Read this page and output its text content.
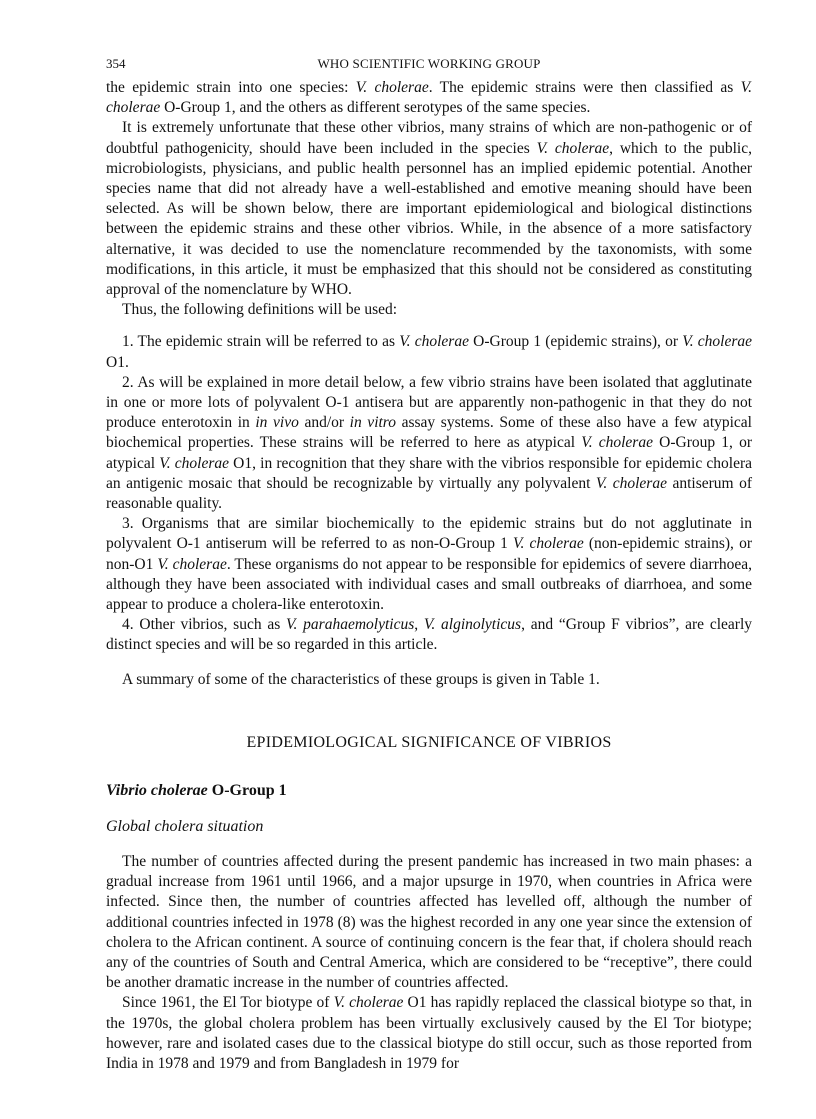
354	WHO SCIENTIFIC WORKING GROUP

the epidemic strain into one species: V. cholerae. The epidemic strains were then classified as V. cholerae O-Group 1, and the others as different serotypes of the same species.

It is extremely unfortunate that these other vibrios, many strains of which are non-pathogenic or of doubtful pathogenicity, should have been included in the species V. cholerae, which to the public, microbiologists, physicians, and public health personnel has an implied epidemic potential. Another species name that did not already have a well-established and emotive meaning should have been selected. As will be shown below, there are important epidemiological and biological distinctions between the epidemic strains and these other vibrios. While, in the absence of a more satisfactory alternative, it was decided to use the nomenclature recommended by the taxonomists, with some modifications, in this article, it must be emphasized that this should not be considered as constituting approval of the nomenclature by WHO.

Thus, the following definitions will be used:

1. The epidemic strain will be referred to as V. cholerae O-Group 1 (epidemic strains), or V. cholerae O1.

2. As will be explained in more detail below, a few vibrio strains have been isolated that agglutinate in one or more lots of polyvalent O-1 antisera but are apparently non-pathogenic in that they do not produce enterotoxin in in vivo and/or in vitro assay systems. Some of these also have a few atypical biochemical properties. These strains will be referred to here as atypical V. cholerae O-Group 1, or atypical V. cholerae O1, in recognition that they share with the vibrios responsible for epidemic cholera an antigenic mosaic that should be recognizable by virtually any polyvalent V. cholerae antiserum of reasonable quality.

3. Organisms that are similar biochemically to the epidemic strains but do not agglutinate in polyvalent O-1 antiserum will be referred to as non-O-Group 1 V. cholerae (non-epidemic strains), or non-O1 V. cholerae. These organisms do not appear to be responsible for epidemics of severe diarrhoea, although they have been associated with individual cases and small outbreaks of diarrhoea, and some appear to produce a cholera-like enterotoxin.

4. Other vibrios, such as V. parahaemolyticus, V. alginolyticus, and “Group F vibrios”, are clearly distinct species and will be so regarded in this article.

A summary of some of the characteristics of these groups is given in Table 1.

EPIDEMIOLOGICAL SIGNIFICANCE OF VIBRIOS
Vibrio cholerae O-Group 1
Global cholera situation

The number of countries affected during the present pandemic has increased in two main phases: a gradual increase from 1961 until 1966, and a major upsurge in 1970, when countries in Africa were infected. Since then, the number of countries affected has levelled off, although the number of additional countries infected in 1978 (8) was the highest recorded in any one year since the extension of cholera to the African continent. A source of continuing concern is the fear that, if cholera should reach any of the countries of South and Central America, which are considered to be “receptive”, there could be another dramatic increase in the number of countries affected.

Since 1961, the El Tor biotype of V. cholerae O1 has rapidly replaced the classical biotype so that, in the 1970s, the global cholera problem has been virtually exclusively caused by the El Tor biotype; however, rare and isolated cases due to the classical biotype do still occur, such as those reported from India in 1978 and 1979 and from Bangladesh in 1979 for
